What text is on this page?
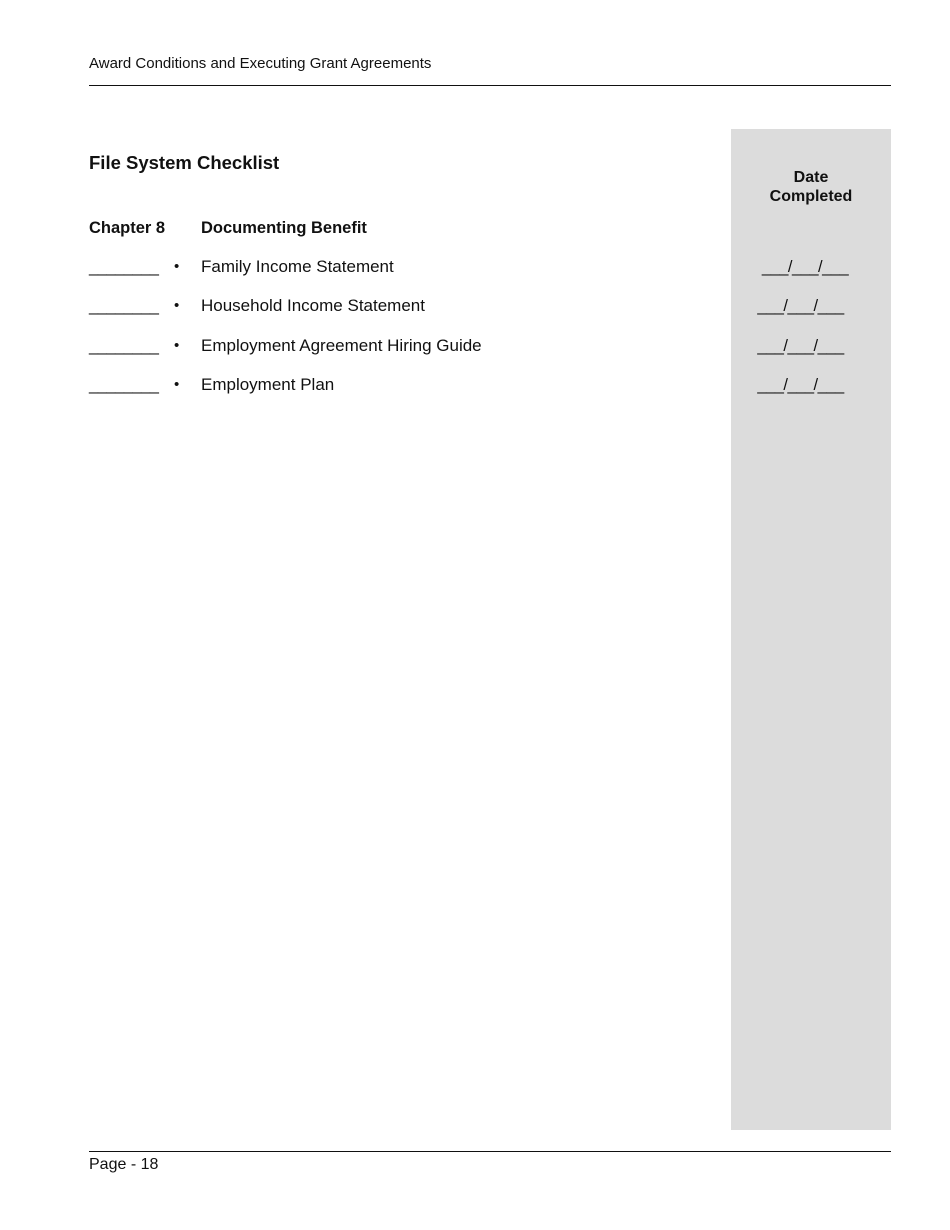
Award Conditions and Executing Grant Agreements
Date
Completed
File System Checklist
Chapter 8 Documenting Benefit
________ • Family Income Statement	___/___/___
________ • Household Income Statement	___/___/___
________ • Employment Agreement Hiring Guide	___/___/___
________ • Employment Plan	___/___/___
Page - 18
